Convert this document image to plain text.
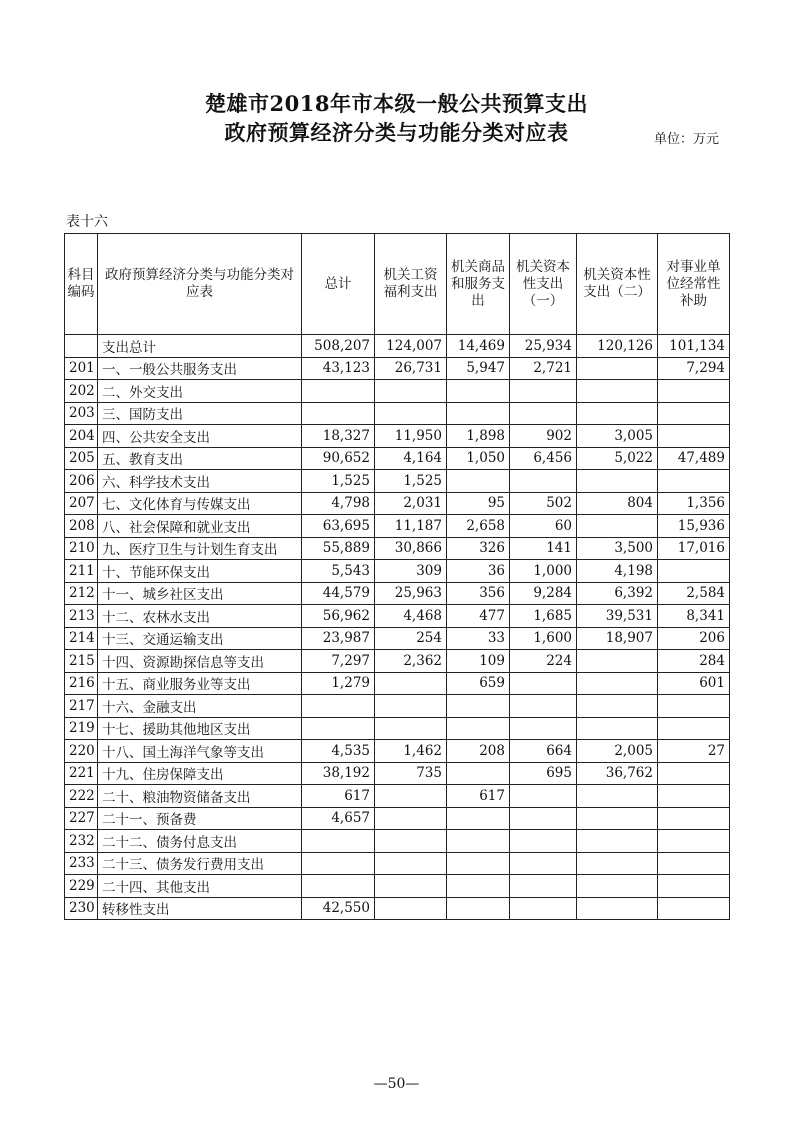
楚雄市2018年市本级一般公共预算支出
政府预算经济分类与功能分类对应表	单位：万元
表十六
科目编码	政府预算经济分类与功能分类对应表	总计	机关工资福利支出	机关商品和服务支出	机关资本性支出（一）	机关资本性支出（二）	对事业单位经常性补助
	支出总计	508,207	124,007	14,469	25,934	120,126	101,134
201	一、一般公共服务支出	43,123	26,731	5,947	2,721		7,294
202	二、外交支出						
203	三、国防支出						
204	四、公共安全支出	18,327	11,950	1,898	902	3,005	
205	五、教育支出	90,652	4,164	1,050	6,456	5,022	47,489
206	六、科学技术支出	1,525	1,525				
207	七、文化体育与传媒支出	4,798	2,031	95	502	804	1,356
208	八、社会保障和就业支出	63,695	11,187	2,658	60		15,936
210	九、医疗卫生与计划生育支出	55,889	30,866	326	141	3,500	17,016
211	十、节能环保支出	5,543	309	36	1,000	4,198	
212	十一、城乡社区支出	44,579	25,963	356	9,284	6,392	2,584
213	十二、农林水支出	56,962	4,468	477	1,685	39,531	8,341
214	十三、交通运输支出	23,987	254	33	1,600	18,907	206
215	十四、资源勘探信息等支出	7,297	2,362	109	224		284
216	十五、商业服务业等支出	1,279		659			601
217	十六、金融支出						
219	十七、援助其他地区支出						
220	十八、国土海洋气象等支出	4,535	1,462	208	664	2,005	27
221	十九、住房保障支出	38,192	735		695	36,762	
222	二十、粮油物资储备支出	617		617			
227	二十一、预备费	4,657					
232	二十二、债务付息支出						
233	二十三、债务发行费用支出						
229	二十四、其他支出						
230	转移性支出	42,550					
—50—
